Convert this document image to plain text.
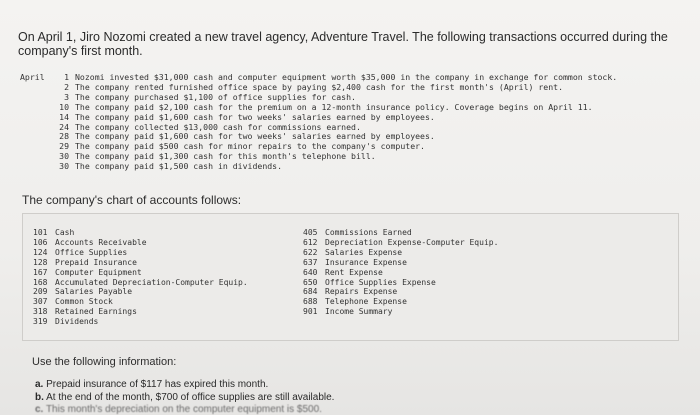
On April 1, Jiro Nozomi created a new travel agency, Adventure Travel. The following transactions occurred during the company's first month.
April	1 Nozomi invested $31,000 cash and computer equipment worth $35,000 in the company in exchange for common stock.
2 The company rented furnished office space by paying $2,400 cash for the first month's (April) rent.
3 The company purchased $1,100 of office supplies for cash.
10 The company paid $2,100 cash for the premium on a 12-month insurance policy. Coverage begins on April 11.
14 The company paid $1,600 cash for two weeks' salaries earned by employees.
24 The company collected $13,000 cash for commissions earned.
28 The company paid $1,600 cash for two weeks' salaries earned by employees.
29 The company paid $500 cash for minor repairs to the company's computer.
30 The company paid $1,300 cash for this month's telephone bill.
30 The company paid $1,500 cash in dividends.
The company's chart of accounts follows:
101 Cash
106 Accounts Receivable
124 Office Supplies
128 Prepaid Insurance
167 Computer Equipment
168 Accumulated Depreciation-Computer Equip.
209 Salaries Payable
307 Common Stock
318 Retained Earnings
319 Dividends
405 Commissions Earned
612 Depreciation Expense-Computer Equip.
622 Salaries Expense
637 Insurance Expense
640 Rent Expense
650 Office Supplies Expense
684 Repairs Expense
688 Telephone Expense
901 Income Summary
Use the following information:
a. Prepaid insurance of $117 has expired this month.
b. At the end of the month, $700 of office supplies are still available.
c. This month's depreciation on the computer equipment is $500.
